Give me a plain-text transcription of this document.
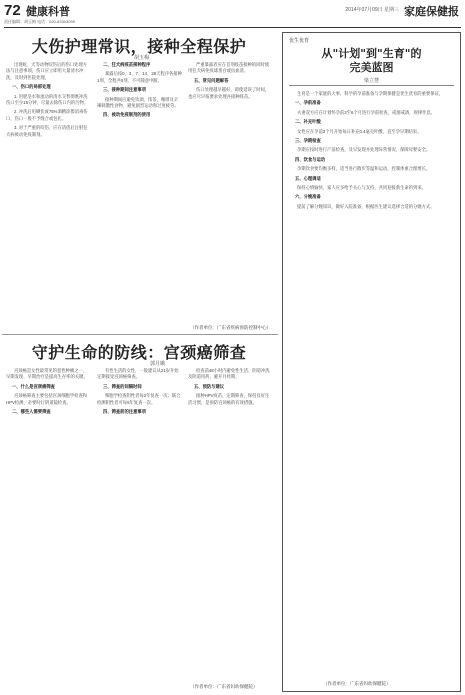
72 健康科普
责任编辑：胡玉梅 电话：020-83303099
2014年07月09日 星期三 家庭保健报
大伤护理常识，接种全程保护
胡玉梅

出现蛇、犬等动物咬伤后的伤口处理方法与注意事项，伤口应立即用大量清水冲洗，及时到医院处理。

一、伤口的局部处理

1. 用肥皂水和流动的清水交替彻底冲洗伤口至少15分钟，尽量去除伤口内的污物。

2. 冲洗后用碘伏或75%酒精涂擦消毒伤口，伤口一般不予缝合或包扎。

3. 对于严重的咬伤，应在清创后注射狂犬病被动免疫制剂。

二、狂犬病疫苗接种程序

暴露后按0、3、7、14、28天程序各接种1剂，全程共5剂，不可随意中断。

三、接种期间注意事项

接种期间应避免饮酒、浓茶、咖啡及辛辣刺激性食物，避免剧烈运动和过度疲劳。

四、被动免疫制剂的使用

严重暴露者应在首剂疫苗接种的同时使用狂犬病免疫球蛋白或抗血清。

五、常见问题解答

伤口处理越早越好，即使延误了时间，也应尽早按要求处理并接种疫苗。

（作者单位：广东省疾病预防控制中心）
守护生命的防线：宫颈癌筛查
郭月娥

宫颈癌是女性最常见的恶性肿瘤之一，早期发现、早期治疗是提高生存率的关键。

一、什么是宫颈癌筛查

宫颈癌筛查主要包括宫颈细胞学检查和HPV检测，必要时行阴道镜检查。

二、哪些人需要筛查

有性生活的女性，一般建议从21岁开始定期接受宫颈癌筛查。

三、筛查的间隔时间

细胞学检查阴性者每3年复查一次；联合检测阴性者可每5年复查一次。

四、筛查前的注意事项

检查前48小时内避免性生活、阴道冲洗及阴道用药，避开月经期。

五、预防与建议

接种HPV疫苗、定期筛查、保持良好生活习惯，是预防宫颈癌的有效措施。

（作者单位：广东省妇幼保健院）
优生优育
从"计划"到"生育"的
完美蓝图
梁立慧

生育是一个家庭的大事，科学的孕前准备与孕期保健是优生优育的重要保证。

一、孕前准备

夫妻双方应在计划怀孕前3至6个月进行孕前检查，戒烟戒酒，规律作息。

二、补充叶酸

女性应在孕前3个月开始每日补充0.4毫克叶酸，直至孕早期结束。

三、孕期检查

孕期应按时进行产前检查，及早发现并处理异常情况，保障母婴安全。

四、饮食与运动

孕期饮食要均衡多样，适当进行散步等温和运动，控制体重合理增长。

五、心理调适

保持心情愉快，家人应多给予关心与支持，共同迎接新生命的到来。

六、分娩准备

提前了解分娩知识，做好入院准备，根据医生建议选择合适的分娩方式。

（作者单位：广东省妇幼保健院）
